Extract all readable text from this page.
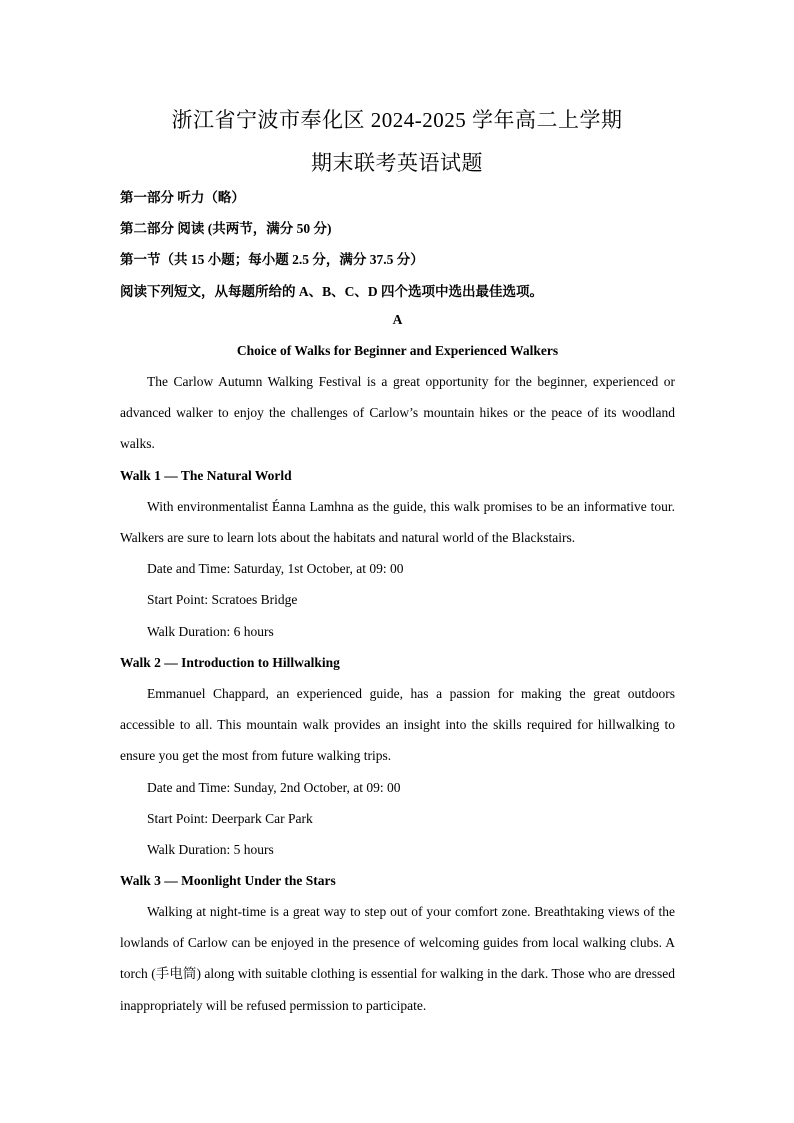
浙江省宁波市奉化区 2024-2025 学年高二上学期
期末联考英语试题
第一部分 听力（略）
第二部分 阅读 (共两节，满分 50 分)
第一节（共 15 小题；每小题 2.5 分，满分 37.5 分）
阅读下列短文，从每题所给的 A、B、C、D 四个选项中选出最佳选项。
A
Choice of Walks for Beginner and Experienced Walkers
The Carlow Autumn Walking Festival is a great opportunity for the beginner, experienced or advanced walker to enjoy the challenges of Carlow’s mountain hikes or the peace of its woodland walks.
Walk 1 — The Natural World
With environmentalist Éanna Lamhna as the guide, this walk promises to be an informative tour. Walkers are sure to learn lots about the habitats and natural world of the Blackstairs.
Date and Time: Saturday, 1st October, at 09: 00
Start Point: Scratoes Bridge
Walk Duration: 6 hours
Walk 2 — Introduction to Hillwalking
Emmanuel Chappard, an experienced guide, has a passion for making the great outdoors accessible to all. This mountain walk provides an insight into the skills required for hillwalking to ensure you get the most from future walking trips.
Date and Time: Sunday, 2nd October, at 09: 00
Start Point: Deerpark Car Park
Walk Duration: 5 hours
Walk 3 — Moonlight Under the Stars
Walking at night-time is a great way to step out of your comfort zone. Breathtaking views of the lowlands of Carlow can be enjoyed in the presence of welcoming guides from local walking clubs. A torch (手电筒) along with suitable clothing is essential for walking in the dark. Those who are dressed inappropriately will be refused permission to participate.
